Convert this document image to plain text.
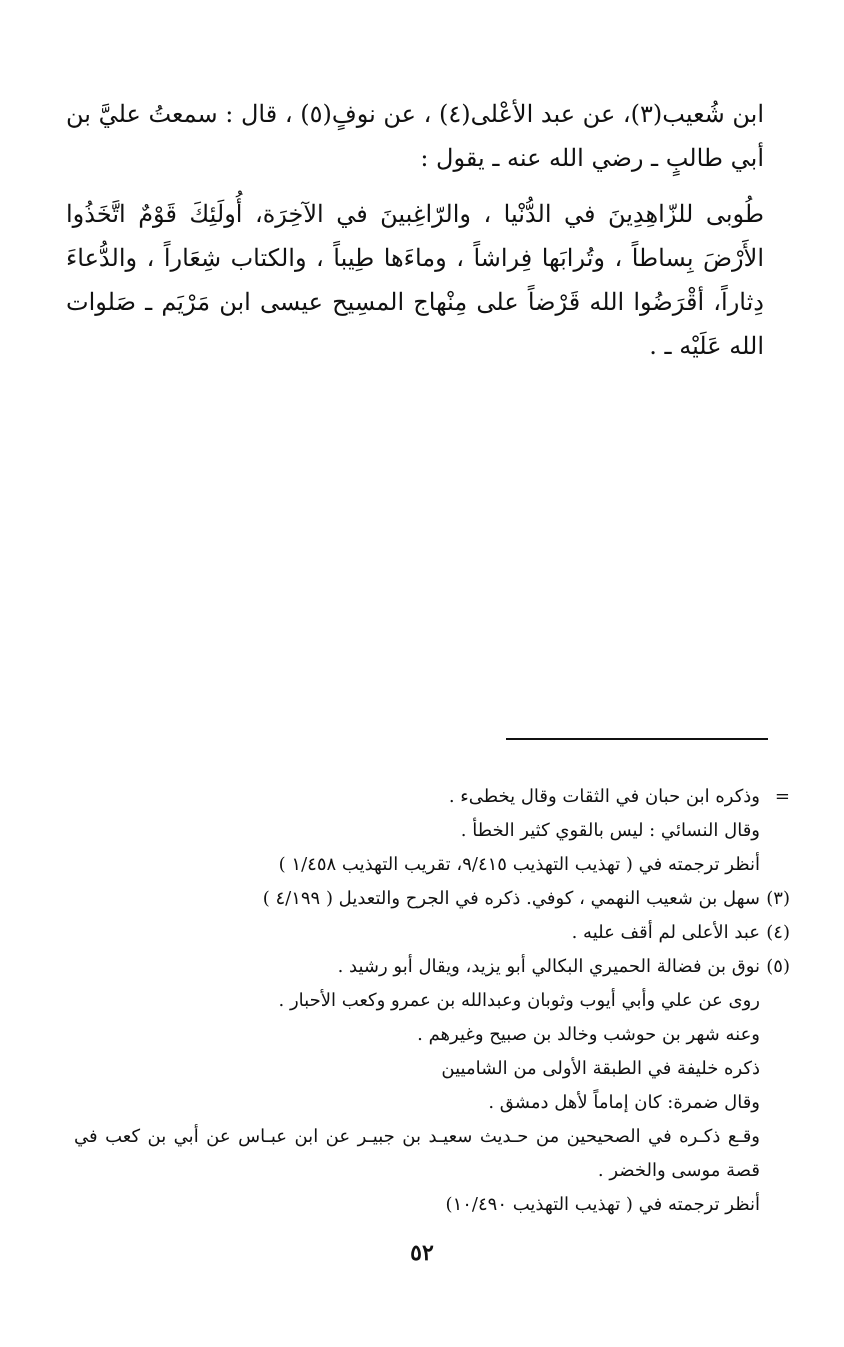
ابن شُعيب(٣)، عن عبد الأعْلى(٤) ، عن نوفٍ(٥) ، قال : سمعتُ عليَّ بن أبي طالبٍ ـ رضي الله عنه ـ يقول :

طُوبى للزّاهِدِينَ في الدُّنْيا ، والرّاغِبينَ في الآخِرَة، أُولَئِكَ قَوْمٌ اتَّخَذُوا الأَرْضَ بِساطاً ، وتُرابَها فِراشاً ، وماءَها طِيباً ، والكتاب شِعَاراً ، والدُّعاءَ دِثاراً، أقْرَضُوا الله قَرْضاً على مِنْهاج المسِيح عيسى ابن مَرْيَم ـ صَلوات الله عَلَيْه ـ .

=
وذكره ابن حبان في الثقات وقال يخطىء .
وقال النسائي : ليس بالقوي كثير الخطأ .
أنظر ترجمته في ( تهذيب التهذيب ٩/٤١٥، تقريب التهذيب ١/٤٥٨ )
(٣)
سهل بن شعيب النهمي ، كوفي. ذكره في الجرح والتعديل ( ٤/١٩٩ )
(٤)
عبد الأعلى لم أقف عليه .
(٥)
نوق بن فضالة الحميري البكالي أبو يزيد، ويقال أبو رشيد .
روى عن علي وأبي أيوب وثوبان وعبدالله بن عمرو وكعب الأحبار .
وعنه شهر بن حوشب وخالد بن صبيح وغيرهم .
ذكره خليفة في الطبقة الأولى من الشاميين
وقال ضمرة: كان إماماً لأهل دمشق .
وقـع ذكـره في الصحيحين من حـديث سعيـد بن جبيـر عن ابن عبـاس عن أبي بن كعب في قصة موسى والخضر .
أنظر ترجمته في ( تهذيب التهذيب ١٠/٤٩٠)
٥٢
